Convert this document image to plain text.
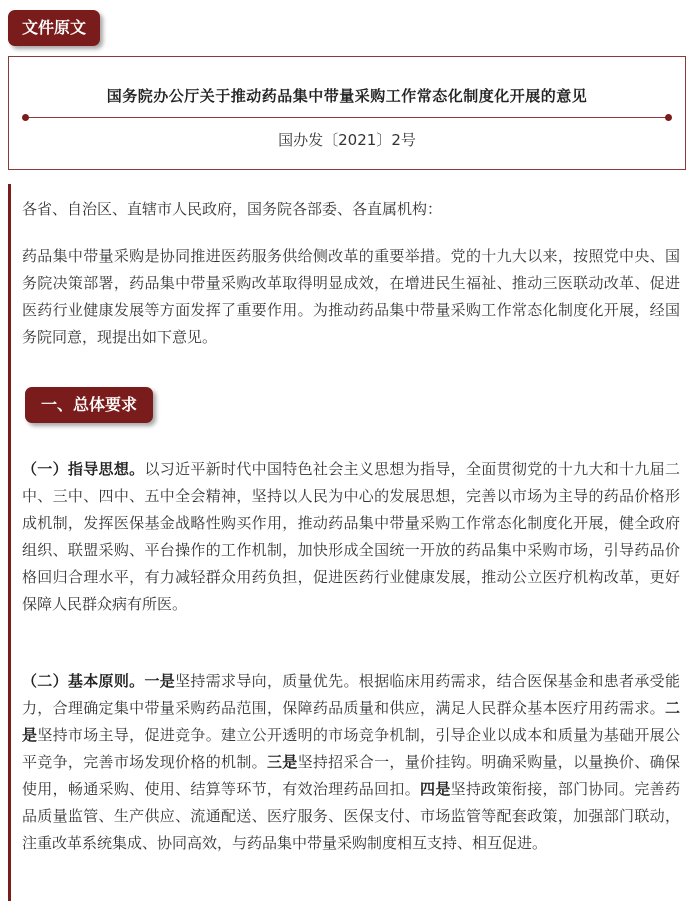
文件原文
国务院办公厅关于推动药品集中带量采购工作常态化制度化开展的意见
国办发〔2021〕2号

各省、自治区、直辖市人民政府，国务院各部委、各直属机构：

药品集中带量采购是协同推进医药服务供给侧改革的重要举措。党的十九大以来，按照党中央、国务院决策部署，药品集中带量采购改革取得明显成效，在增进民生福祉、推动三医联动改革、促进医药行业健康发展等方面发挥了重要作用。为推动药品集中带量采购工作常态化制度化开展，经国务院同意，现提出如下意见。

一、总体要求

（一）指导思想。以习近平新时代中国特色社会主义思想为指导，全面贯彻党的十九大和十九届二中、三中、四中、五中全会精神，坚持以人民为中心的发展思想，完善以市场为主导的药品价格形成机制，发挥医保基金战略性购买作用，推动药品集中带量采购工作常态化制度化开展，健全政府组织、联盟采购、平台操作的工作机制，加快形成全国统一开放的药品集中采购市场，引导药品价格回归合理水平，有力减轻群众用药负担，促进医药行业健康发展，推动公立医疗机构改革，更好保障人民群众病有所医。

（二）基本原则。一是坚持需求导向，质量优先。根据临床用药需求，结合医保基金和患者承受能力，合理确定集中带量采购药品范围，保障药品质量和供应，满足人民群众基本医疗用药需求。二是坚持市场主导，促进竞争。建立公开透明的市场竞争机制，引导企业以成本和质量为基础开展公平竞争，完善市场发现价格的机制。三是坚持招采合一，量价挂钩。明确采购量，以量换价、确保使用，畅通采购、使用、结算等环节，有效治理药品回扣。四是坚持政策衔接，部门协同。完善药品质量监管、生产供应、流通配送、医疗服务、医保支付、市场监管等配套政策，加强部门联动，注重改革系统集成、协同高效，与药品集中带量采购制度相互支持、相互促进。
